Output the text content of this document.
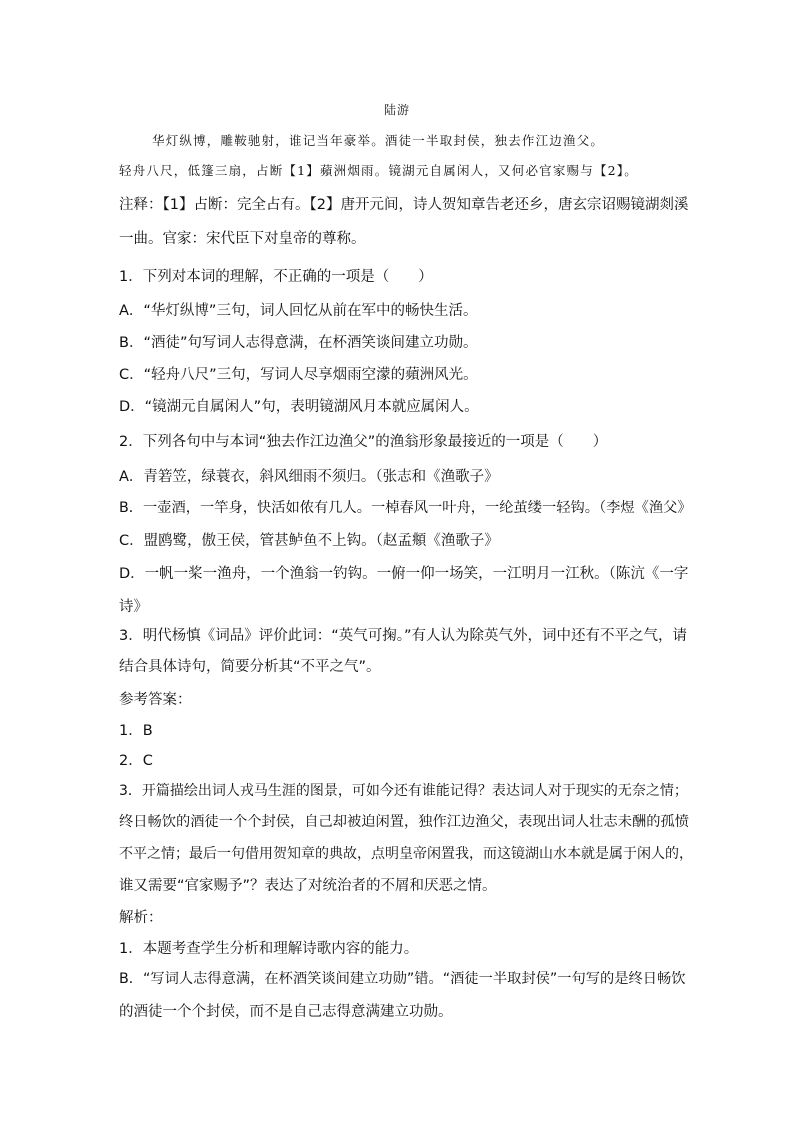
陆游
华灯纵博，雕鞍驰射，谁记当年豪举。酒徒一半取封侯，独去作江边渔父。
轻舟八尺，低篷三扇，占断【1】蘋洲烟雨。镜湖元自属闲人，又何必官家赐与【2】。
注释：【1】占断：完全占有。【2】唐开元间，诗人贺知章告老还乡，唐玄宗诏赐镜湖剡溪
一曲。官家：宋代臣下对皇帝的尊称。
1．下列对本词的理解，不正确的一项是（　　）
A．“华灯纵博”三句，词人回忆从前在军中的畅快生活。
B．“酒徒”句写词人志得意满，在杯酒笑谈间建立功勋。
C．“轻舟八尺”三句，写词人尽享烟雨空濛的蘋洲风光。
D．“镜湖元自属闲人”句，表明镜湖风月本就应属闲人。
2．下列各句中与本词“独去作江边渔父”的渔翁形象最接近的一项是（　　）
A．青箬笠，绿蓑衣，斜风细雨不须归。（张志和《渔歌子》
B．一壶酒，一竿身，快活如侬有几人。一棹春风一叶舟，一纶茧缕一轻钩。（李煜《渔父》
C．盟鸥鹭，傲王侯，管甚鲈鱼不上钩。（赵孟頫《渔歌子》
D．一帆一桨一渔舟，一个渔翁一钓钩。一俯一仰一场笑，一江明月一江秋。（陈沆《一字
诗》
3．明代杨慎《词品》评价此词：“英气可掬。”有人认为除英气外，词中还有不平之气，请
结合具体诗句，简要分析其“不平之气”。
参考答案：
1．B
2．C
3．开篇描绘出词人戎马生涯的图景，可如今还有谁能记得？表达词人对于现实的无奈之情；
终日畅饮的酒徒一个个封侯，自己却被迫闲置，独作江边渔父，表现出词人壮志未酬的孤愤
不平之情；最后一句借用贺知章的典故，点明皇帝闲置我，而这镜湖山水本就是属于闲人的，
谁又需要“官家赐予”？表达了对统治者的不屑和厌恶之情。
解析：
1．本题考查学生分析和理解诗歌内容的能力。
B．“写词人志得意满，在杯酒笑谈间建立功勋”错。“酒徒一半取封侯”一句写的是终日畅饮
的酒徒一个个封侯，而不是自己志得意满建立功勋。
